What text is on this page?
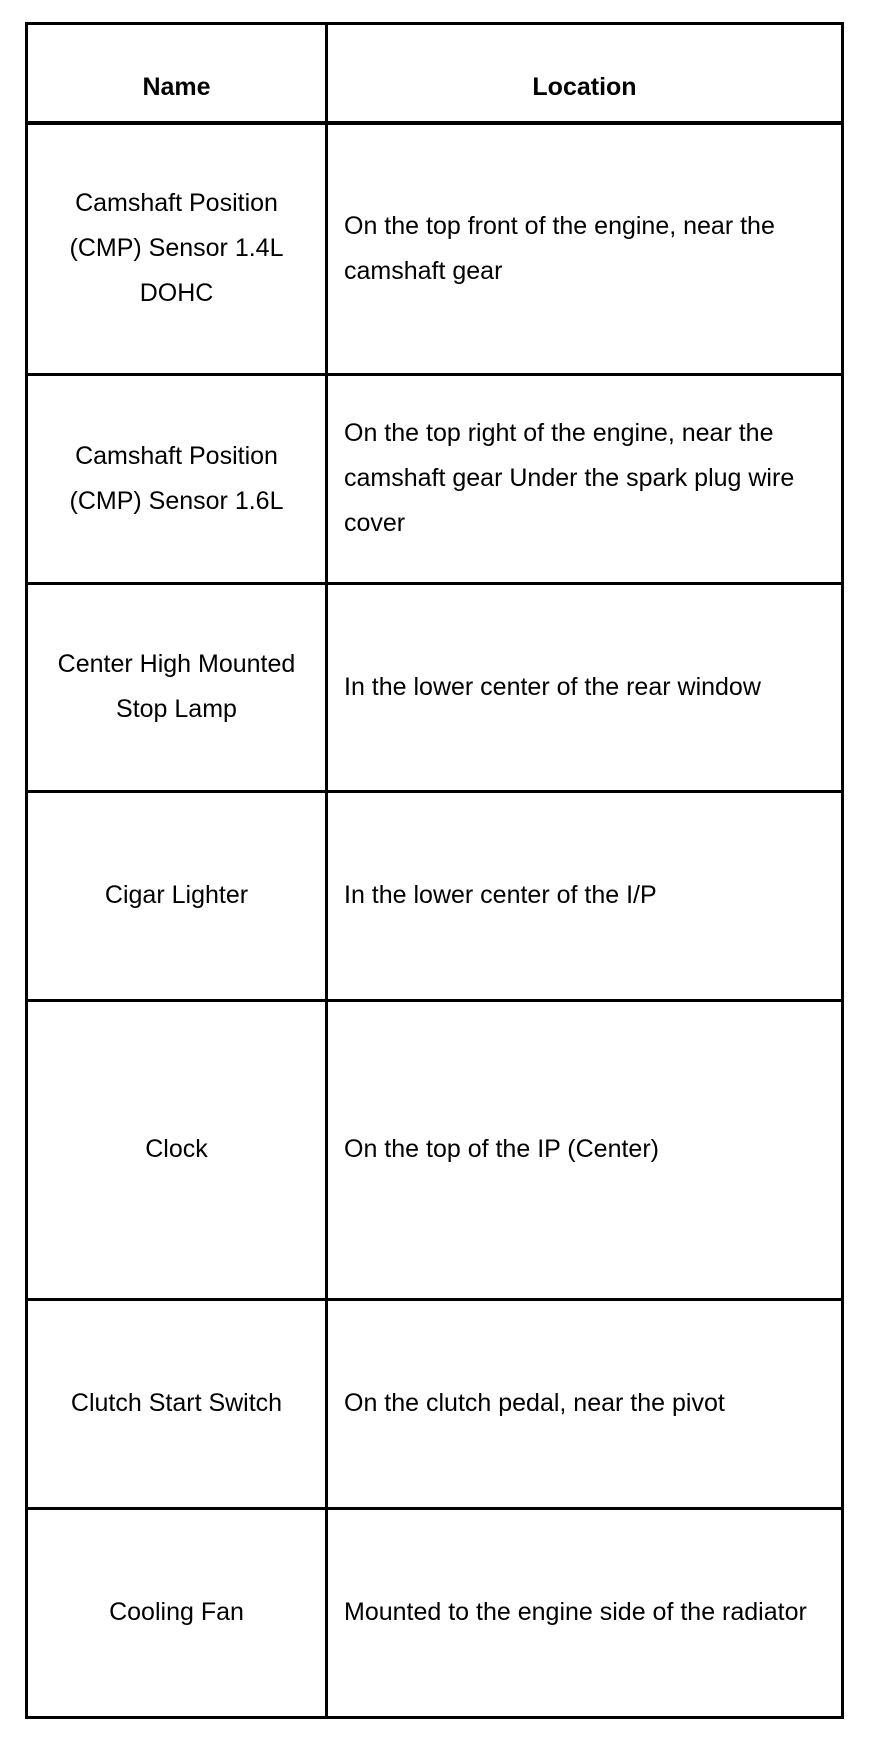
Name	Location

Camshaft Position (CMP) Sensor 1.4L DOHC	On the top front of the engine, near the camshaft gear

Camshaft Position (CMP) Sensor 1.6L	On the top right of the engine, near the camshaft gear Under the spark plug wire cover

Center High Mounted Stop Lamp	In the lower center of the rear window

Cigar Lighter	In the lower center of the I/P

Clock	On the top of the IP (Center)

Clutch Start Switch	On the clutch pedal, near the pivot

Cooling Fan	Mounted to the engine side of the radiator
